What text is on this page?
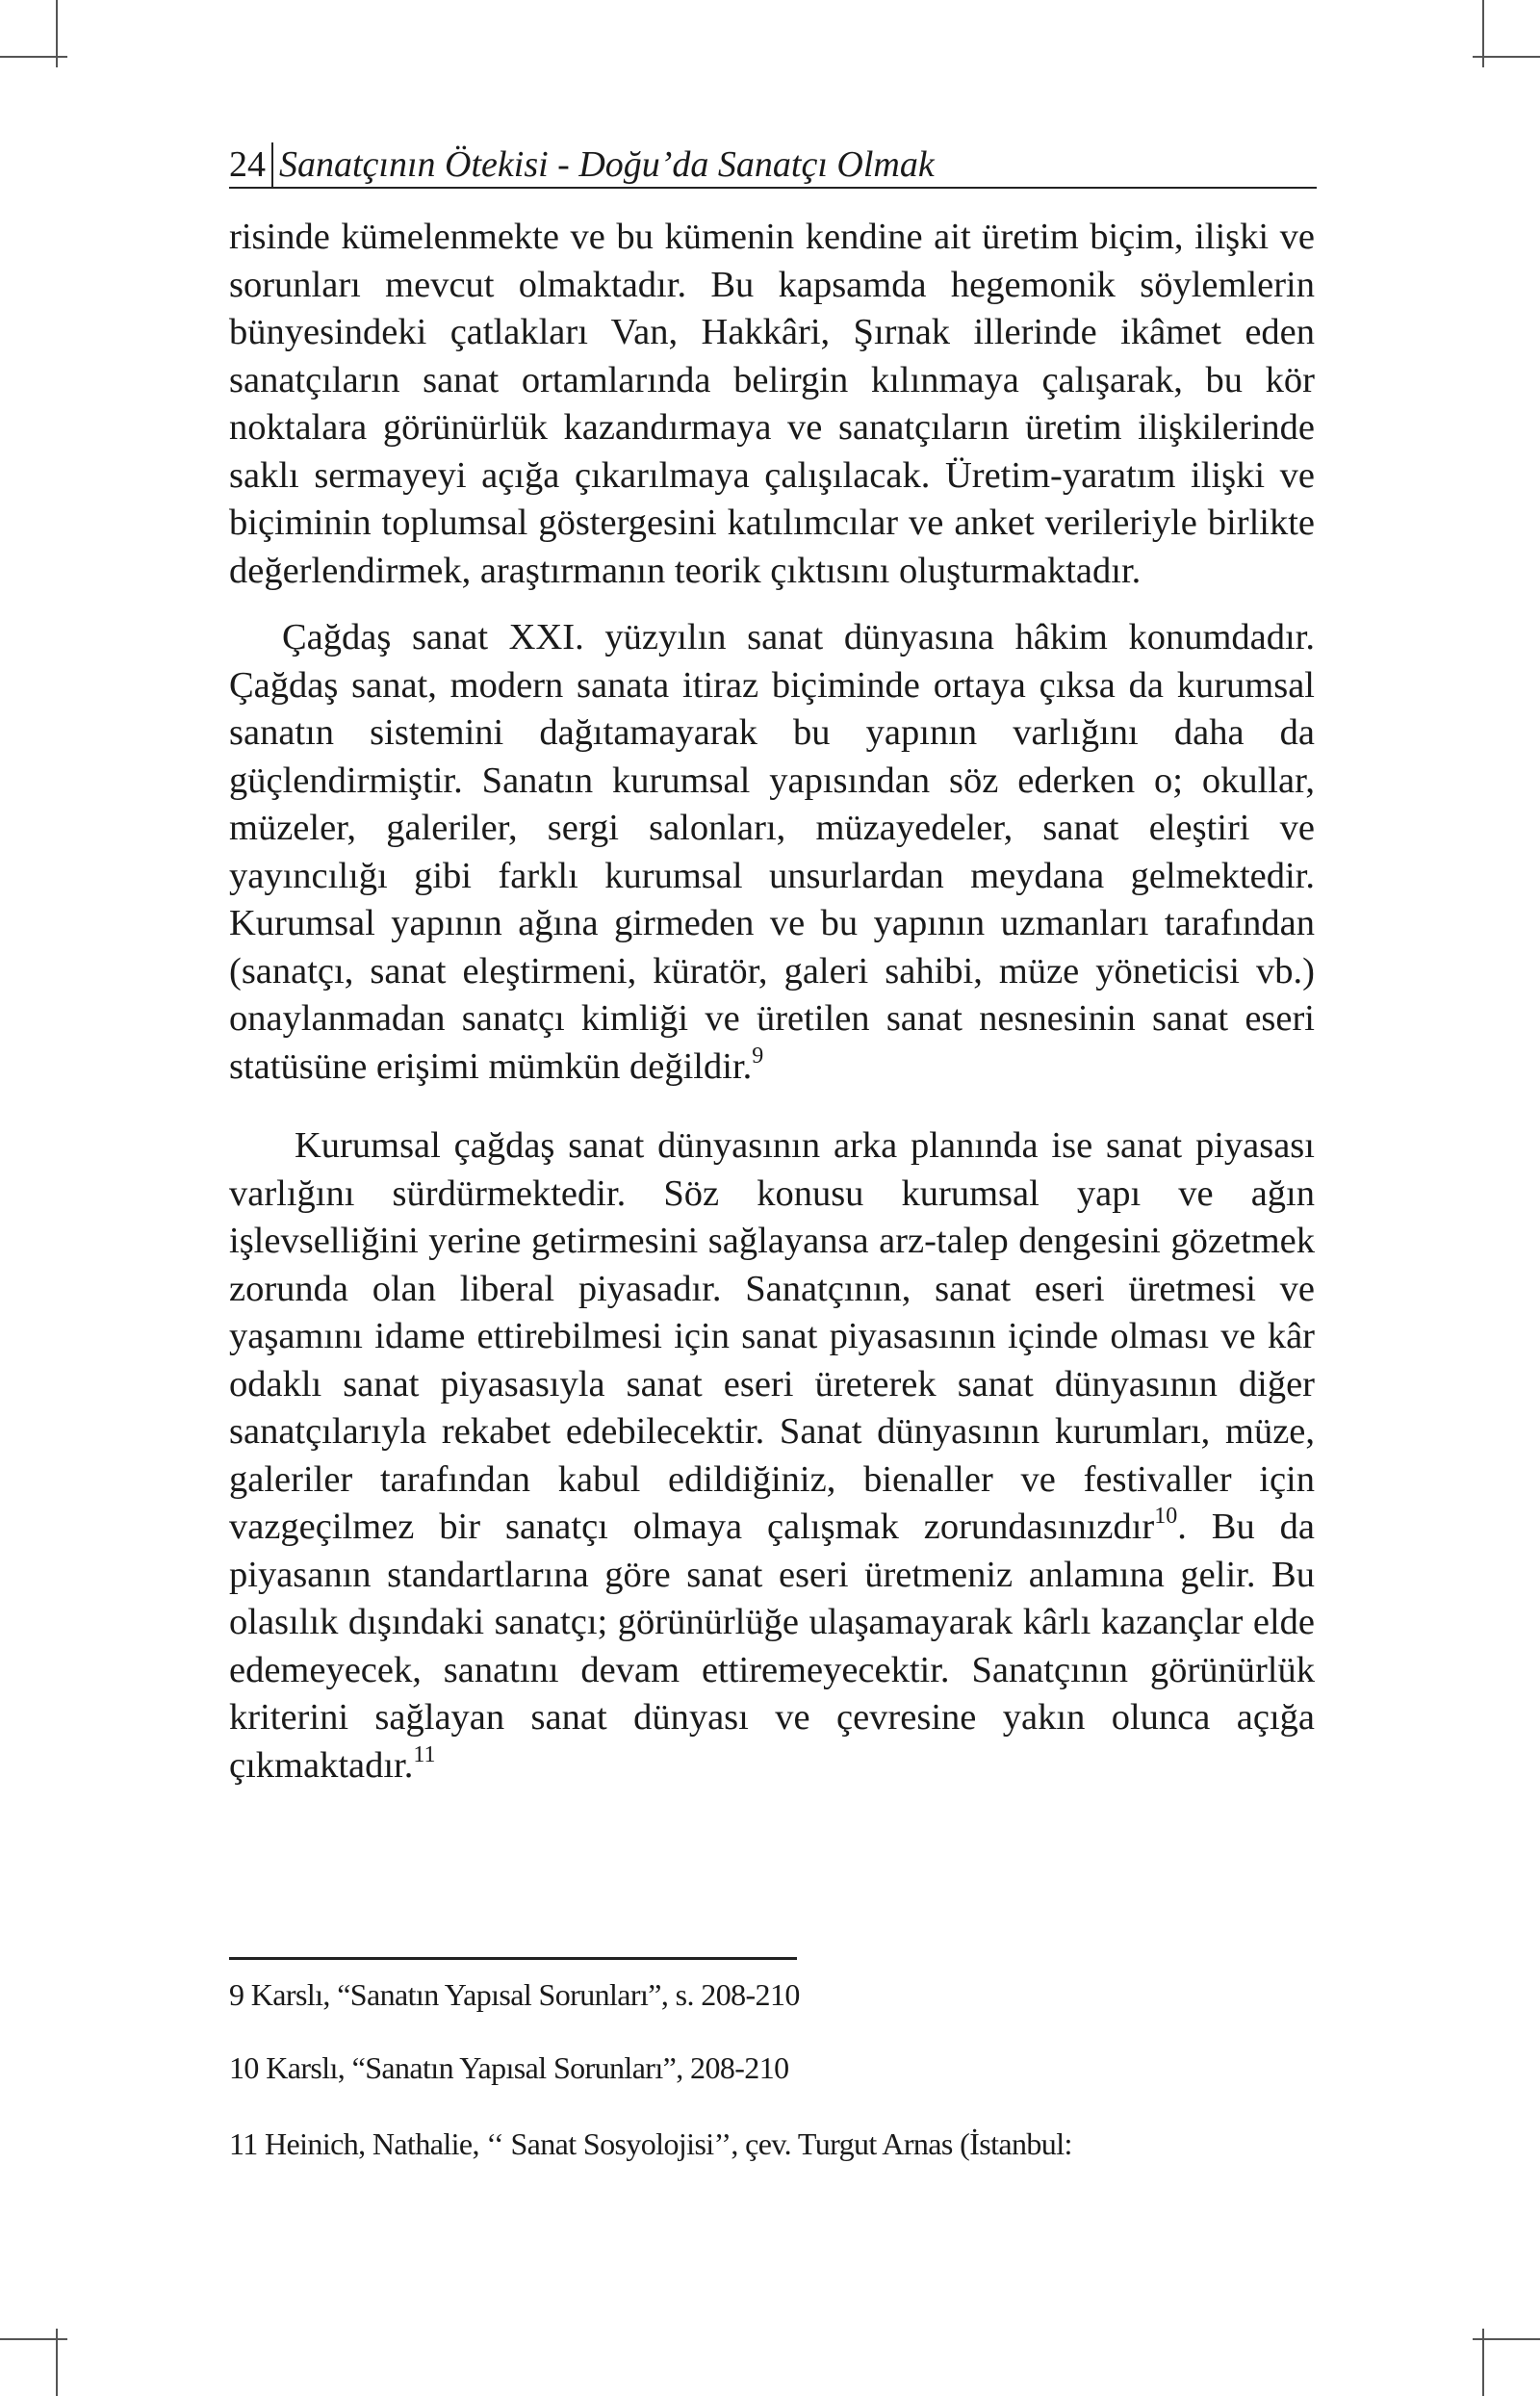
24 Sanatçının Ötekisi - Doğu’da Sanatçı Olmak

risinde kümelenmekte ve bu kümenin kendine ait üretim biçim, ilişki ve sorunları mevcut olmaktadır. Bu kapsamda hegemonik söylemlerin bünyesindeki çatlakları Van, Hakkâri, Şırnak illerinde ikâmet eden sanatçıların sanat ortamlarında belirgin kılınmaya çalışarak, bu kör noktalara görünürlük kazandırmaya ve sanatçıların üretim ilişkilerinde saklı sermayeyi açığa çıkarılmaya çalışılacak. Üretim-yaratım ilişki ve biçiminin toplumsal göstergesini katılımcılar ve anket verileriyle birlikte değerlendirmek, araştırmanın teorik çıktısını oluşturmaktadır.

Çağdaş sanat XXI. yüzyılın sanat dünyasına hâkim konumdadır. Çağdaş sanat, modern sanata itiraz biçiminde ortaya çıksa da kurumsal sanatın sistemini dağıtamayarak bu yapının varlığını daha da güçlendirmiştir. Sanatın kurumsal yapısından söz ederken o; okullar, müzeler, galeriler, sergi salonları, müzayedeler, sanat eleştiri ve yayıncılığı gibi farklı kurumsal unsurlardan meydana gelmektedir. Kurumsal yapının ağına girmeden ve bu yapının uzmanları tarafından (sanatçı, sanat eleştirmeni, küratör, galeri sahibi, müze yöneticisi vb.) onaylanmadan sanatçı kimliği ve üretilen sanat nesnesinin sanat eseri statüsüne erişimi mümkün değildir.$^9$

Kurumsal çağdaş sanat dünyasının arka planında ise sanat piyasası varlığını sürdürmektedir. Söz konusu kurumsal yapı ve ağın işlevselliğini yerine getirmesini sağlayansa arz-talep dengesini gözetmek zorunda olan liberal piyasadır. Sanatçının, sanat eseri üretmesi ve yaşamını idame ettirebilmesi için sanat piyasasının içinde olması ve kâr odaklı sanat piyasasıyla sanat eseri üreterek sanat dünyasının diğer sanatçılarıyla rekabet edebilecektir. Sanat dünyasının kurumları, müze, galeriler tarafından kabul edildiğiniz, bienaller ve festivaller için vazgeçilmez bir sanatçı olmaya çalışmak zorundasınızdır$^{10}$. Bu da piyasanın standartlarına göre sanat eseri üretmeniz anlamına gelir. Bu olasılık dışındaki sanatçı; görünürlüğe ulaşamayarak kârlı kazançlar elde edemeyecek, sanatını devam ettiremeyecektir. Sanatçının görünürlük kriterini sağlayan sanat dünyası ve çevresine yakın olunca açığa çıkmaktadır.$^{11}$

9 Karslı, “Sanatın Yapısal Sorunları”, s. 208-210
10 Karslı, “Sanatın Yapısal Sorunları”, 208-210
11 Heinich, Nathalie, ‘‘ Sanat Sosyolojisi’’, çev. Turgut Arnas (İstanbul:
